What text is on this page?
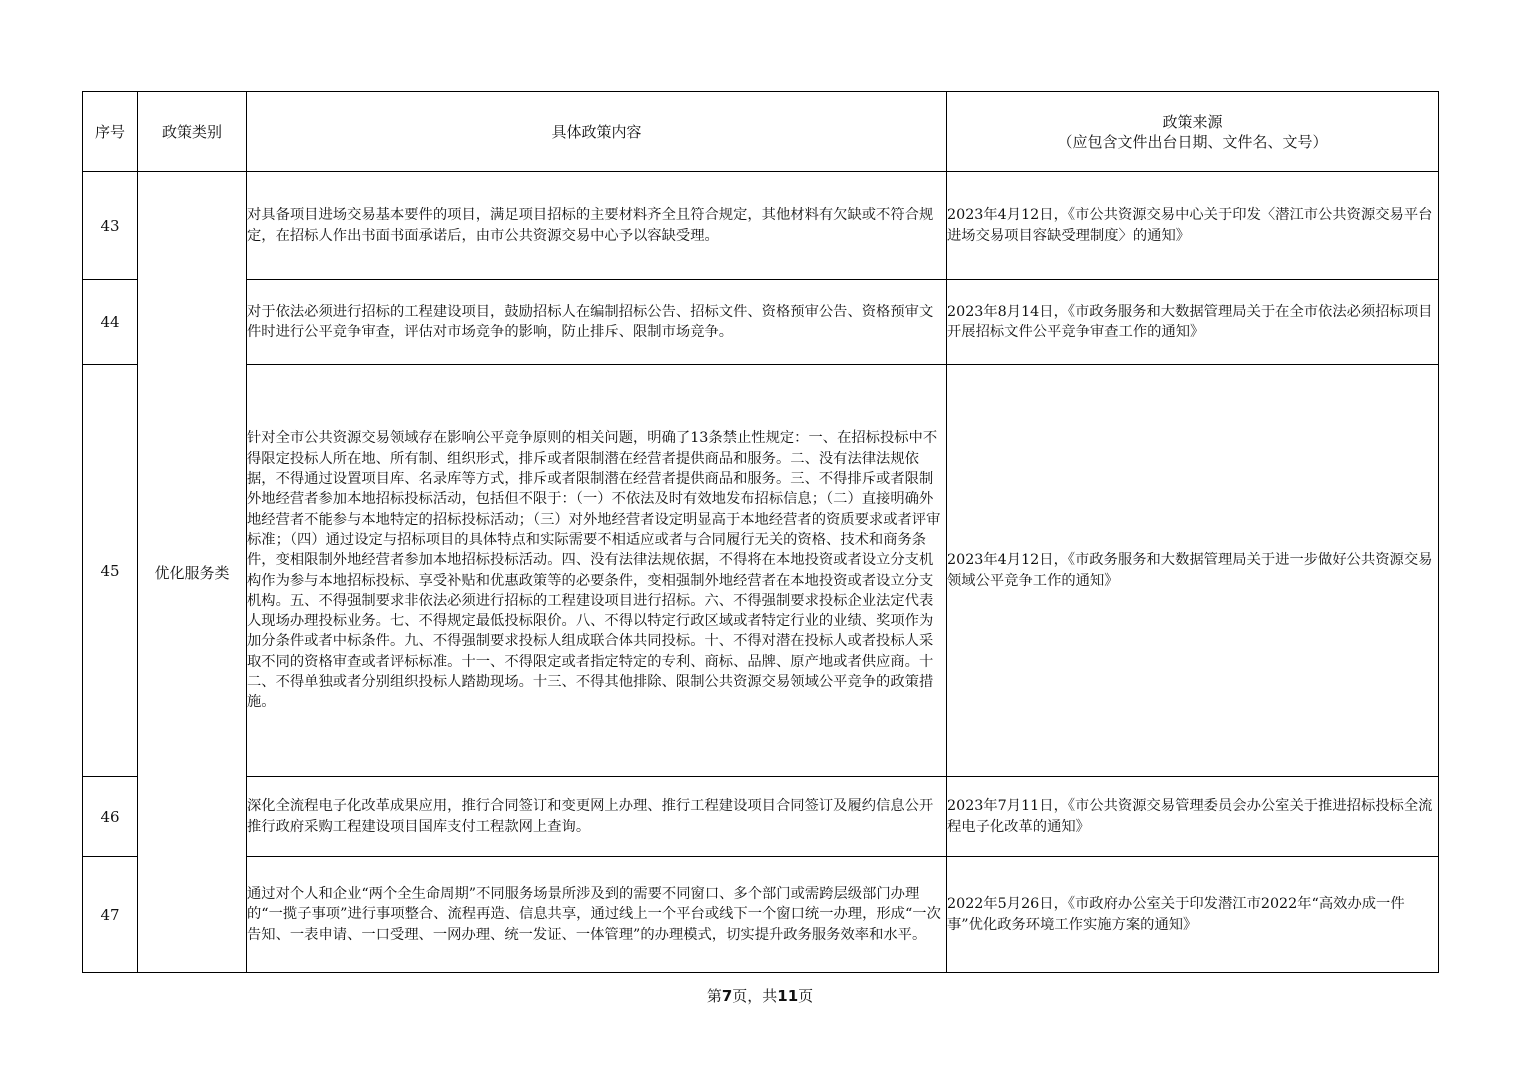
序号	政策类别	具体政策内容	政策来源
（应包含文件出台日期、文件名、文号）

43	优化服务类	对具备项目进场交易基本要件的项目，满足项目招标的主要材料齐全且符合规定，其他材料有欠缺或不符合规定，在招标人作出书面书面承诺后，由市公共资源交易中心予以容缺受理。	2023年4月12日，《市公共资源交易中心关于印发〈潜江市公共资源交易平台进场交易项目容缺受理制度〉的通知》
44		对于依法必须进行招标的工程建设项目，鼓励招标人在编制招标公告、招标文件、资格预审公告、资格预审文件时进行公平竞争审查，评估对市场竞争的影响，防止排斥、限制市场竞争。	2023年8月14日，《市政务服务和大数据管理局关于在全市依法必须招标项目开展招标文件公平竞争审查工作的通知》
45		针对全市公共资源交易领域存在影响公平竞争原则的相关问题，明确了13条禁止性规定：一、在招标投标中不得限定投标人所在地、所有制、组织形式，排斥或者限制潜在经营者提供商品和服务。二、没有法律法规依据，不得通过设置项目库、名录库等方式，排斥或者限制潜在经营者提供商品和服务。三、不得排斥或者限制外地经营者参加本地招标投标活动，包括但不限于：（一）不依法及时有效地发布招标信息；（二）直接明确外地经营者不能参与本地特定的招标投标活动；（三）对外地经营者设定明显高于本地经营者的资质要求或者评审标准；（四）通过设定与招标项目的具体特点和实际需要不相适应或者与合同履行无关的资格、技术和商务条件，变相限制外地经营者参加本地招标投标活动。四、没有法律法规依据，不得将在本地投资或者设立分支机构作为参与本地招标投标、享受补贴和优惠政策等的必要条件，变相强制外地经营者在本地投资或者设立分支机构。五、不得强制要求非依法必须进行招标的工程建设项目进行招标。六、不得强制要求投标企业法定代表人现场办理投标业务。七、不得规定最低投标限价。八、不得以特定行政区域或者特定行业的业绩、奖项作为加分条件或者中标条件。九、不得强制要求投标人组成联合体共同投标。十、不得对潜在投标人或者投标人采取不同的资格审查或者评标标准。十一、不得限定或者指定特定的专利、商标、品牌、原产地或者供应商。十二、不得单独或者分别组织投标人踏勘现场。十三、不得其他排除、限制公共资源交易领域公平竞争的政策措施。	2023年4月12日，《市政务服务和大数据管理局关于进一步做好公共资源交易领域公平竞争工作的通知》
46		深化全流程电子化改革成果应用，推行合同签订和变更网上办理、推行工程建设项目合同签订及履约信息公开推行政府采购工程建设项目国库支付工程款网上查询。	2023年7月11日，《市公共资源交易管理委员会办公室关于推进招标投标全流程电子化改革的通知》
47		通过对个人和企业“两个全生命周期”不同服务场景所涉及到的需要不同窗口、多个部门或需跨层级部门办理的“一揽子事项”进行事项整合、流程再造、信息共享，通过线上一个平台或线下一个窗口统一办理，形成“一次告知、一表申请、一口受理、一网办理、统一发证、一体管理”的办理模式，切实提升政务服务效率和水平。	2022年5月26日，《市政府办公室关于印发潜江市2022年“高效办成一件事”优化政务环境工作实施方案的通知》
第7页，共11页
